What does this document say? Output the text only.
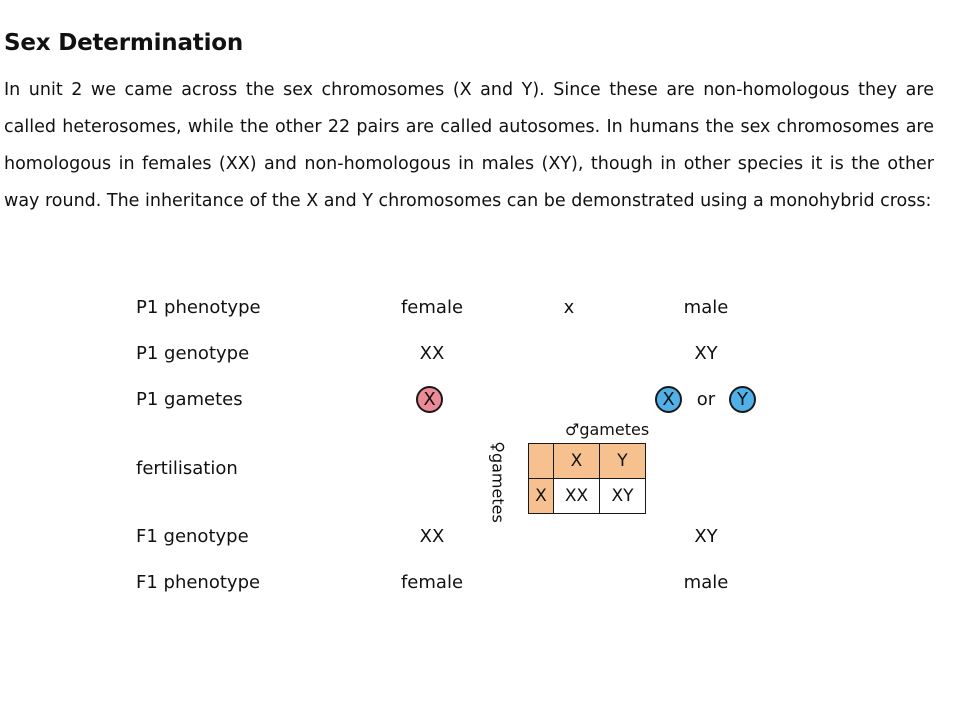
Sex Determination
In unit 2 we came across the sex chromosomes (X and Y). Since these are non-homologous they are called heterosomes, while the other 22 pairs are called autosomes. In humans the sex chromosomes are homologous in females (XX) and non-homologous in males (XY), though in other species it is the other way round. The inheritance of the X and Y chromosomes can be demonstrated using a monohybrid cross:
P1 phenotype	female	x	male
P1 genotype	XX	XY
P1 gametes	X	X	or	Y
fertilisation
♂gametes
♀gametes
		X	Y
X	XX	XY
F1 genotype	XX	XY
F1 phenotype	female	male
